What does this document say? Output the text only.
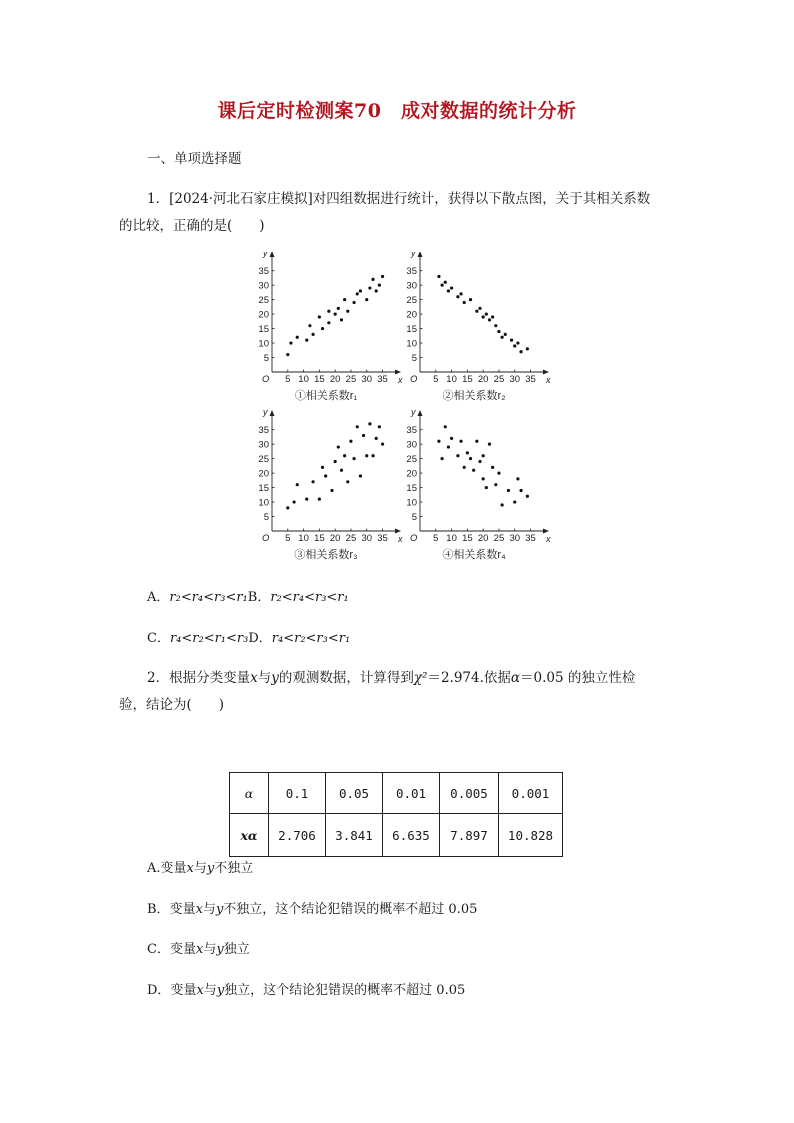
课后定时检测案70　成对数据的统计分析
一、单项选择题
1．[2024·河北石家庄模拟]对四组数据进行统计，获得以下散点图，关于其相关系数
的比较，正确的是(　　)
x
y
O 5 10 15 20 25 30 35
5
10
15
20
25
30
35
①相关系数r₁
x
y
O 5 10 15 20 25 30 35
5
10
15
20
25
30
35
②相关系数r₂
x
y
O 5 10 15 20 25 30 35
5
10
15
20
25
30
35
③相关系数r₃
x
y
O 5 10 15 20 25 30 35
5
10
15
20
25
30
35
④相关系数r₄
A．r₂<r₄<r₃<r₁B．r₂<r₄<r₃<r₁
C．r₄<r₂<r₁<r₃D．r₄<r₂<r₃<r₁
2．根据分类变量x与y的观测数据，计算得到χ²＝2.974.依据α＝0.05 的独立性检
验，结论为(　　)
α	0.1	0.05	0.01	0.005	0.001
xα	2.706	3.841	6.635	7.897	10.828
A.变量x与y不独立
B．变量x与y不独立，这个结论犯错误的概率不超过 0.05
C．变量x与y独立
D．变量x与y独立，这个结论犯错误的概率不超过 0.05
